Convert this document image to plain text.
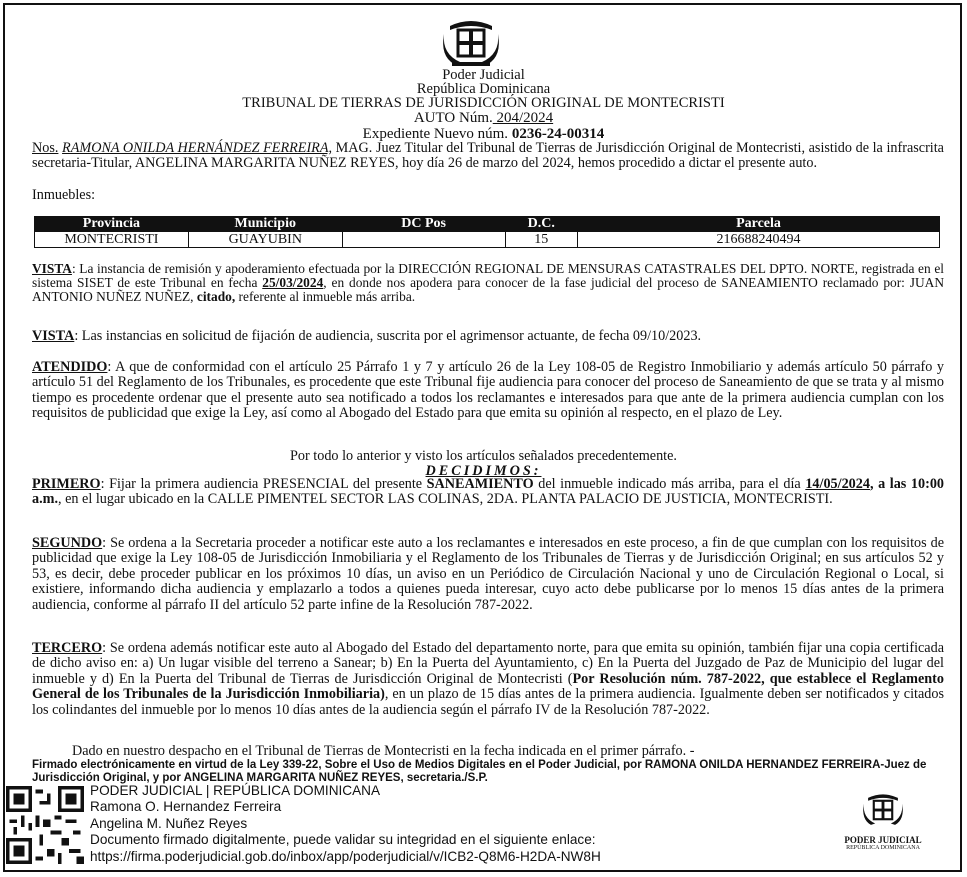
Poder Judicial
República Dominicana
TRIBUNAL DE TIERRAS DE JURISDICCIÓN ORIGINAL DE MONTECRISTI
AUTO Núm. 204/2024
Expediente Nuevo núm. 0236-24-00314
Nos. RAMONA ONILDA HERNÁNDEZ FERREIRA, MAG. Juez Titular del Tribunal de Tierras de Jurisdicción Original de Montecristi, asistido de la infrascrita secretaria-Titular, ANGELINA MARGARITA NUÑEZ REYES, hoy día 26 de marzo del 2024, hemos procedido a dictar el presente auto.
Inmuebles:
Provincia	Municipio	DC Pos	D.C.	Parcela
MONTECRISTI	GUAYUBIN		15	216688240494
VISTA: La instancia de remisión y apoderamiento efectuada por la DIRECCIÓN REGIONAL DE MENSURAS CATASTRALES DEL DPTO. NORTE, registrada en el sistema SISET de este Tribunal en fecha 25/03/2024, en donde nos apodera para conocer de la fase judicial del proceso de SANEAMIENTO reclamado por: JUAN ANTONIO NUÑEZ NUÑEZ, citado, referente al inmueble más arriba.
VISTA: Las instancias en solicitud de fijación de audiencia, suscrita por el agrimensor actuante, de fecha 09/10/2023.
ATENDIDO: A que de conformidad con el artículo 25 Párrafo 1 y 7 y artículo 26 de la Ley 108-05 de Registro Inmobiliario y además artículo 50 párrafo y artículo 51 del Reglamento de los Tribunales, es procedente que este Tribunal fije audiencia para conocer del proceso de Saneamiento de que se trata y al mismo tiempo es procedente ordenar que el presente auto sea notificado a todos los reclamantes e interesados para que ante de la primera audiencia cumplan con los requisitos de publicidad que exige la Ley, así como al Abogado del Estado para que emita su opinión al respecto, en el plazo de Ley.
Por todo lo anterior y visto los artículos señalados precedentemente.
DECIDIMOS:
PRIMERO: Fijar la primera audiencia PRESENCIAL del presente SANEAMIENTO del inmueble indicado más arriba, para el día 14/05/2024, a las 10:00 a.m., en el lugar ubicado en la CALLE PIMENTEL SECTOR LAS COLINAS, 2DA. PLANTA PALACIO DE JUSTICIA, MONTECRISTI.
SEGUNDO: Se ordena a la Secretaria proceder a notificar este auto a los reclamantes e interesados en este proceso, a fin de que cumplan con los requisitos de publicidad que exige la Ley 108-05 de Jurisdicción Inmobiliaria y el Reglamento de los Tribunales de Tierras y de Jurisdicción Original; en sus artículos 52 y 53, es decir, debe proceder publicar en los próximos 10 días, un aviso en un Periódico de Circulación Nacional y uno de Circulación Regional o Local, si existiere, informando dicha audiencia y emplazarlo a todos a quienes pueda interesar, cuyo acto debe publicarse por lo menos 15 días antes de la primera audiencia, conforme al párrafo II del artículo 52 parte infine de la Resolución 787-2022.
TERCERO: Se ordena además notificar este auto al Abogado del Estado del departamento norte, para que emita su opinión, también fijar una copia certificada de dicho aviso en: a) Un lugar visible del terreno a Sanear; b) En la Puerta del Ayuntamiento, c) En la Puerta del Juzgado de Paz de Municipio del lugar del inmueble y d) En la Puerta del Tribunal de Tierras de Jurisdicción Original de Montecristi (Por Resolución núm. 787-2022, que establece el Reglamento General de los Tribunales de la Jurisdicción Inmobiliaria), en un plazo de 15 días antes de la primera audiencia. Igualmente deben ser notificados y citados los colindantes del inmueble por lo menos 10 días antes de la audiencia según el párrafo IV de la Resolución 787-2022.
Dado en nuestro despacho en el Tribunal de Tierras de Montecristi en la fecha indicada en el primer párrafo. -
Firmado electrónicamente en virtud de la Ley 339-22, Sobre el Uso de Medios Digitales en el Poder Judicial, por RAMONA ONILDA HERNANDEZ FERREIRA-Juez de Jurisdicción Original, y por ANGELINA MARGARITA NUÑEZ REYES, secretaria./S.P.
PODER JUDICIAL | REPÚBLICA DOMINICANA
Ramona O. Hernandez Ferreira
Angelina M. Nuñez Reyes
Documento firmado digitalmente, puede validar su integridad en el siguiente enlace:
https://firma.poderjudicial.gob.do/inbox/app/poderjudicial/v/ICB2-Q8M6-H2DA-NW8H
PODER JUDICIAL
REPÚBLICA DOMINICANA
